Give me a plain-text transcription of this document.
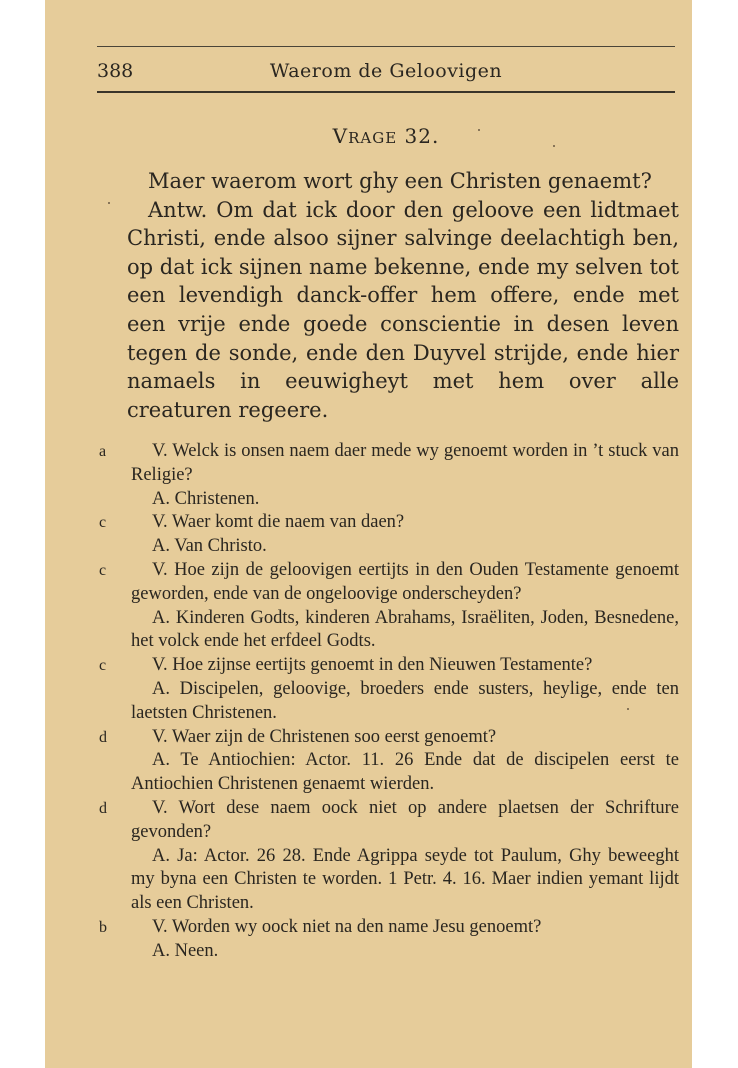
388	Waerom de Geloovigen
VRAGE 32.

Maer waerom wort ghy een Christen genaemt?

Antw. Om dat ick door den geloove een lidtmaet Christi, ende alsoo sijner salvinge deelachtigh ben, op dat ick sijnen name bekenne, ende my selven tot een levendigh danck-offer hem offere, ende met een vrije ende goede conscientie in desen leven tegen de sonde, ende den Duyvel strijde, ende hier namaels in eeuwigheyt met hem over alle creaturen regeere.

a V. Welck is onsen naem daer mede wy genoemt worden in ’t stuck van Religie?

A. Christenen.

c V. Waer komt die naem van daen?

A. Van Christo.

c V. Hoe zijn de geloovigen eertijts in den Ouden Testamente genoemt geworden, ende van de ongeloovige onderscheyden?

A. Kinderen Godts, kinderen Abrahams, Israëliten, Joden, Besnedene, het volck ende het erfdeel Godts.

c V. Hoe zijnse eertijts genoemt in den Nieuwen Testamente?

A. Discipelen, geloovige, broeders ende susters, heylige, ende ten laetsten Christenen.

d V. Waer zijn de Christenen soo eerst genoemt?

A. Te Antiochien: Actor. 11. 26 Ende dat de discipelen eerst te Antiochien Christenen genaemt wierden.

d V. Wort dese naem oock niet op andere plaetsen der Schrifture gevonden?

A. Ja: Actor. 26 28. Ende Agrippa seyde tot Paulum, Ghy beweeght my byna een Christen te worden. 1 Petr. 4. 16. Maer indien yemant lijdt als een Christen.

b V. Worden wy oock niet na den name Jesu genoemt?

A. Neen.
